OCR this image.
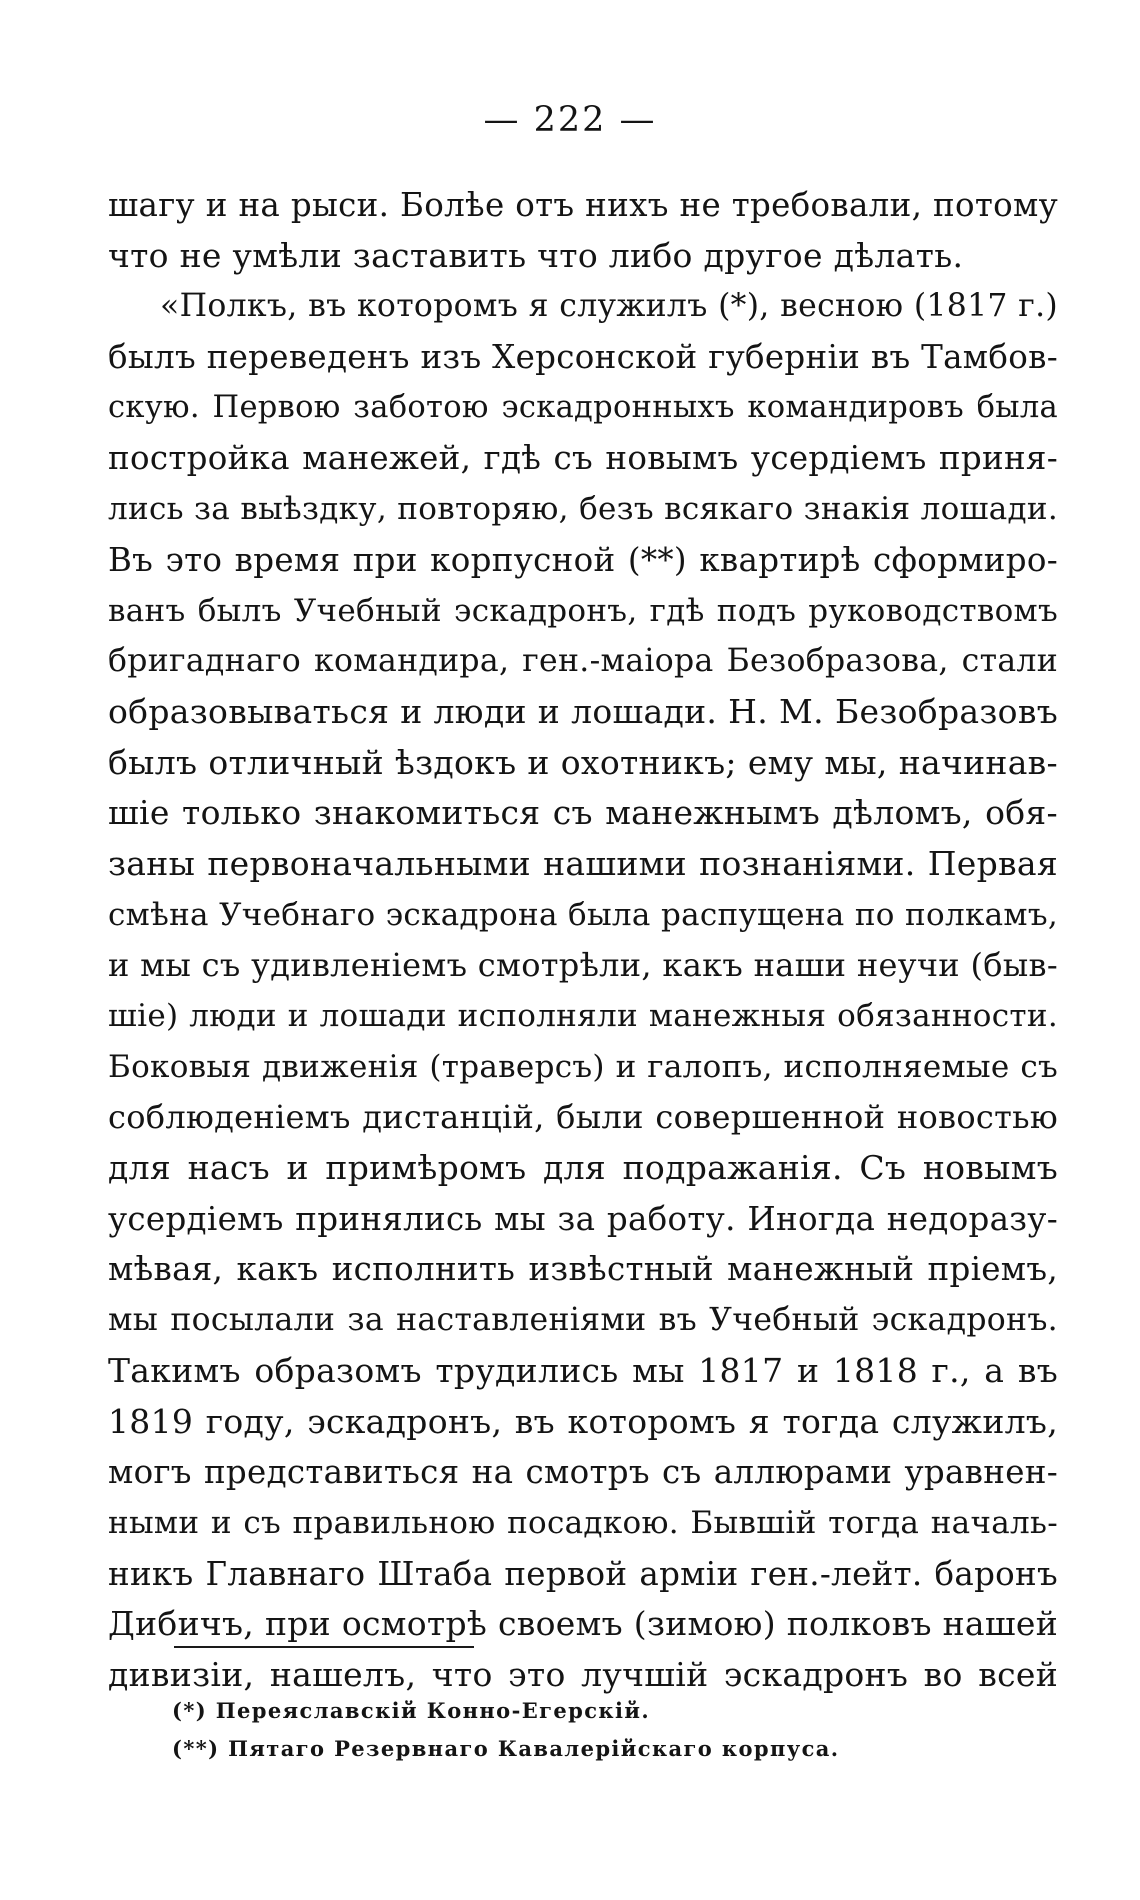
— 222 —
шагу и на рыси. Болѣе отъ нихъ не требовали, потому
что не умѣли заставить что либо другое дѣлать.
«Полкъ, въ которомъ я служилъ (*), весною (1817 г.)
былъ переведенъ изъ Херсонской губерніи въ Тамбов-
скую. Первою заботою эскадронныхъ командировъ была
постройка манежей, гдѣ съ новымъ усердіемъ приня-
лись за выѣздку, повторяю, безъ всякаго знакія лошади.
Въ это время при корпусной (**) квартирѣ сформиро-
ванъ былъ Учебный эскадронъ, гдѣ подъ руководствомъ
бригаднаго командира, ген.-маіора Безобразова, стали
образовываться и люди и лошади. Н. М. Безобразовъ
былъ отличный ѣздокъ и охотникъ; ему мы, начинав-
шіе только знакомиться съ манежнымъ дѣломъ, обя-
заны первоначальными нашими познаніями. Первая
смѣна Учебнаго эскадрона была распущена по полкамъ,
и мы съ удивленіемъ смотрѣли, какъ наши неучи (быв-
шіе) люди и лошади исполняли манежныя обязанности.
Боковыя движенія (траверсъ) и галопъ, исполняемые съ
соблюденіемъ дистанцій, были совершенной новостью
для насъ и примѣромъ для подражанія. Съ новымъ
усердіемъ принялись мы за работу. Иногда недоразу-
мѣвая, какъ исполнить извѣстный манежный пріемъ,
мы посылали за наставленіями въ Учебный эскадронъ.
Такимъ образомъ трудились мы 1817 и 1818 г., а въ
1819 году, эскадронъ, въ которомъ я тогда служилъ,
могъ представиться на смотръ съ аллюрами уравнен-
ными и съ правильною посадкою. Бывшій тогда началь-
никъ Главнаго Штаба первой арміи ген.-лейт. баронъ
Дибичъ, при осмотрѣ своемъ (зимою) полковъ нашей
дивизіи, нашелъ, что это лучшій эскадронъ во всей
(*) Переяславскій Конно-Егерскій.
(**) Пятаго Резервнаго Кавалерійскаго корпуса.
